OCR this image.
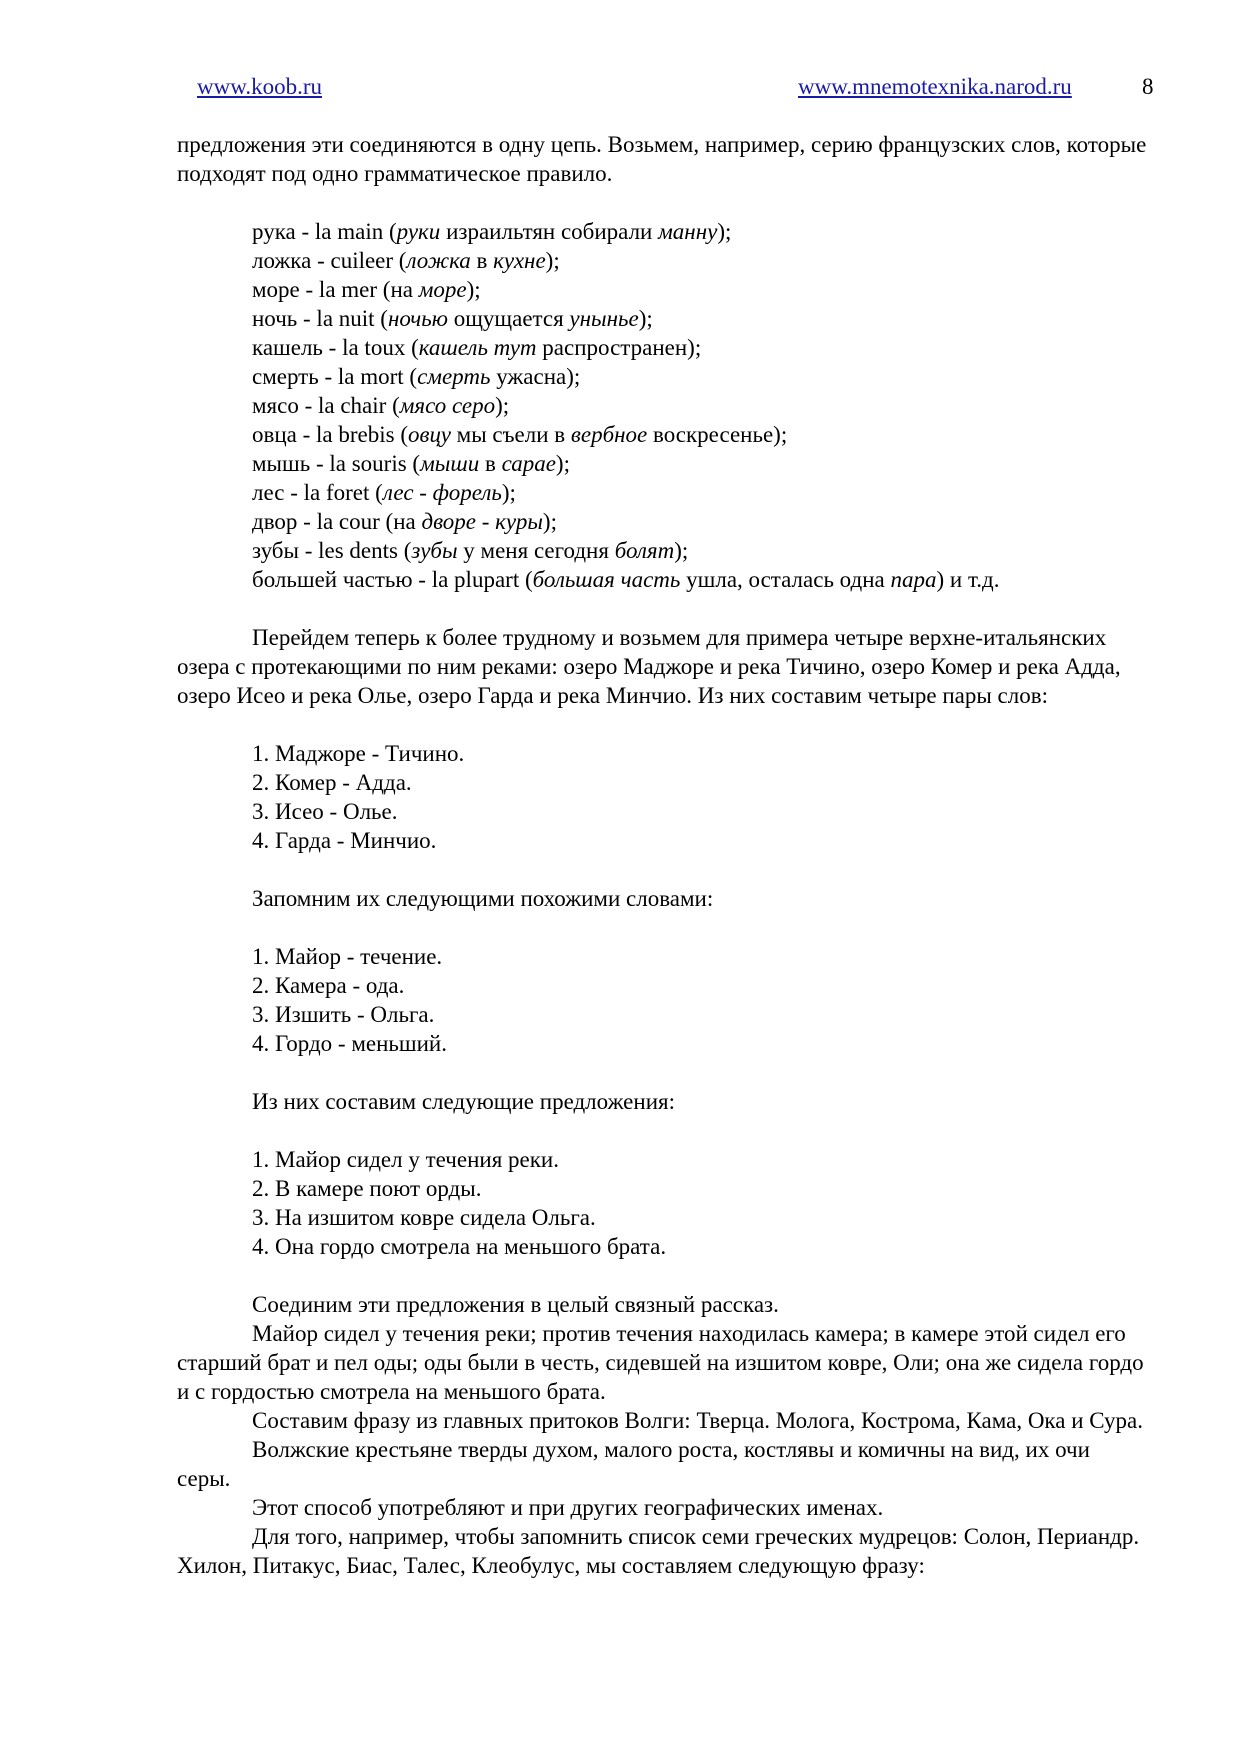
www.koob.ru	www.mnemotexnika.narod.ru	8

предложения эти соединяются в одну цепь. Возьмем, например, серию французских слов, которые подходят под одно грамматическое правило.

рука - la main (руки израильтян собирали манну);
ложка - cuileer (ложка в кухне);
море - la mer (на море);
ночь - la nuit (ночью ощущается уныньe);
кашель - la toux (кашель тут распространен);
смерть - la mort (смерть ужасна);
мясо - la chair (мясо серо);
овца - la brebis (овцу мы съели в вербное воскресенье);
мышь - la souris (мыши в сарае);
лес - la foret (лес - форель);
двор - la cour (на дворе - куры);
зубы - les dents (зубы у меня сегодня болят);
большей частью - la plupart (большая часть ушла, осталась одна пара) и т.д.

Перейдем теперь к более трудному и возьмем для примера четыре верхне-итальянских озера с протекающими по ним реками: озеро Маджоре и река Тичино, озеро Комер и река Адда, озеро Исео и река Олье, озеро Гарда и река Минчио. Из них составим четыре пары слов:

1. Маджоре - Тичино.
2. Комер - Адда.
3. Исео - Олье.
4. Гарда - Минчио.

Запомним их следующими похожими словами:

1. Майор - течение.
2. Камера - ода.
3. Изшить - Ольга.
4. Гордо - меньший.

Из них составим следующие предложения:

1. Майор сидел у течения реки.
2. В камере поют орды.
3. На изшитом ковре сидела Ольга.
4. Она гордо смотрела на меньшого брата.

Соединим эти предложения в целый связный рассказ.

Майор сидел у течения реки; против течения находилась камера; в камере этой сидел его старший брат и пел оды; оды были в честь, сидевшей на изшитом ковре, Оли; она же сидела гордо и с гордостью смотрела на меньшого брата.

Составим фразу из главных притоков Волги: Тверца. Молога, Кострома, Кама, Ока и Сура.

Волжские крестьяне тверды духом, малого роста, костлявы и комичны на вид, их очи серы.

Этот способ употребляют и при других географических именах.

Для того, например, чтобы запомнить список семи греческих мудрецов: Солон, Периандр. Хилон, Питакус, Биас, Талес, Клеобулус, мы составляем следующую фразу:
